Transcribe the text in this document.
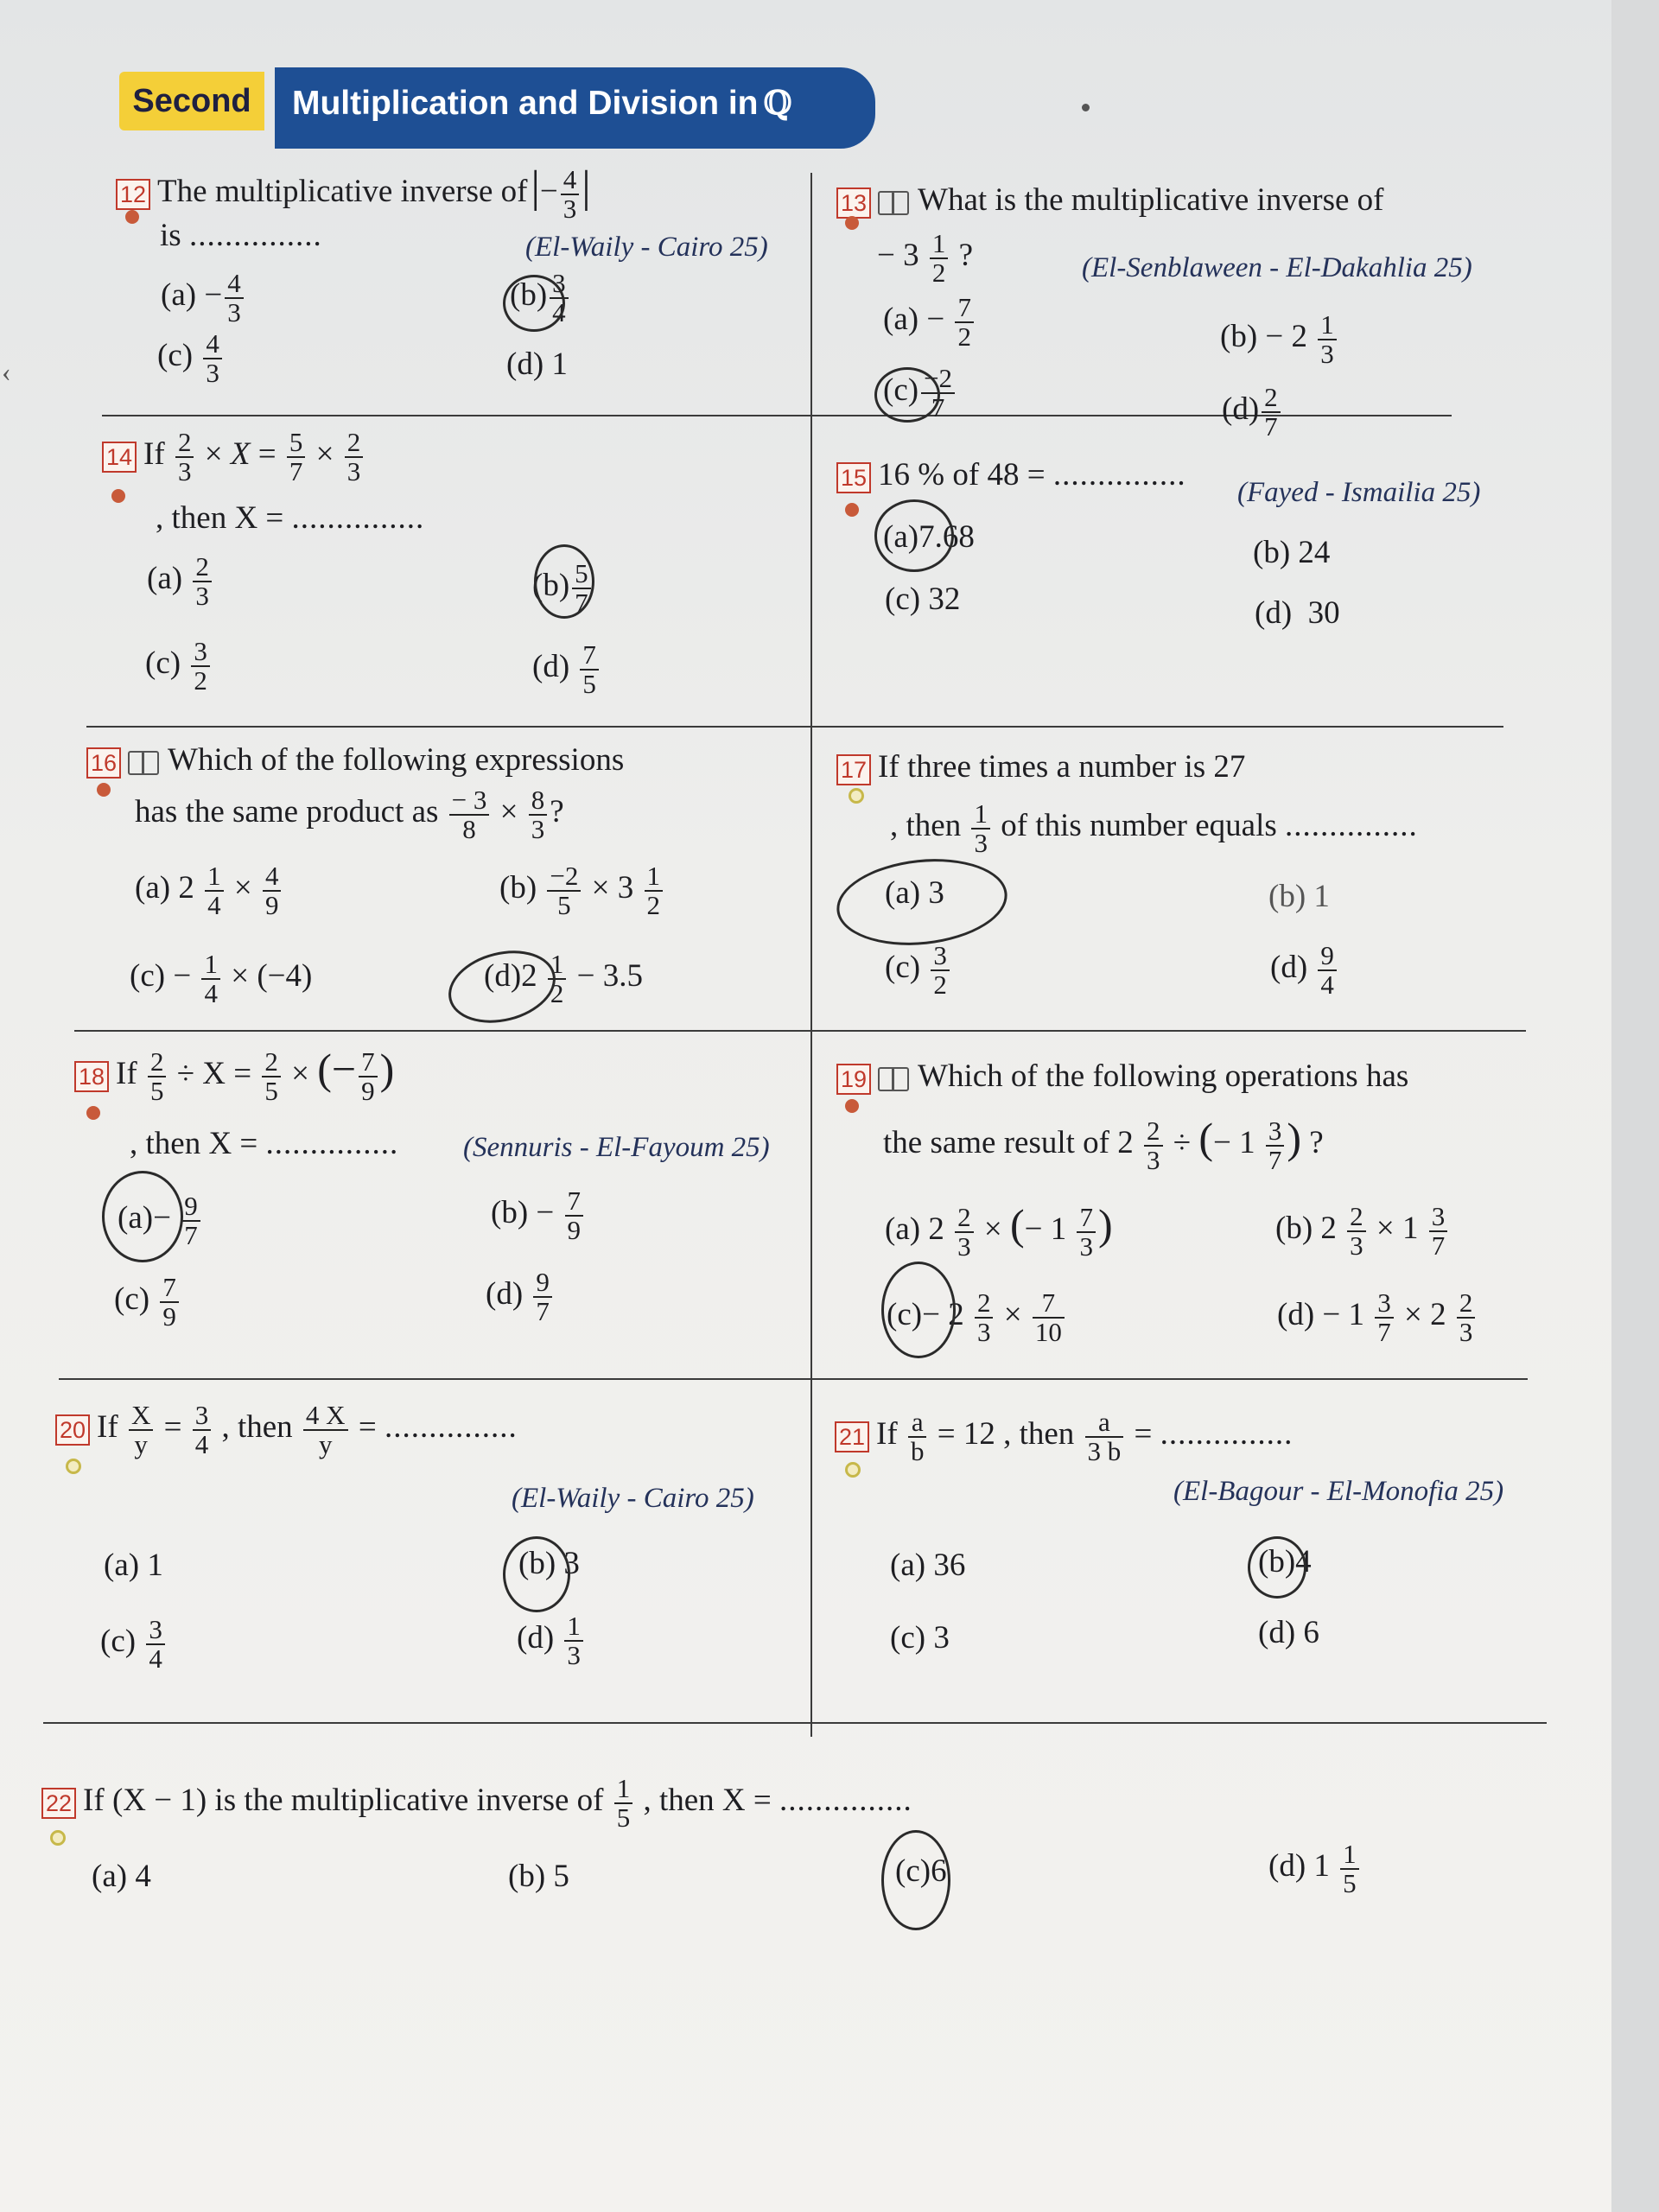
‹
Second	Multiplication and Division in ℚ
12 The multiplicative inverse $of|- \frac{4}{3}$ |
is ...............	(El-Waily - Cairo 25)
$(a) - \frac{4}{3}$	$(b) \frac{3}{4}$
$(c) \frac{4}{3}$	(d) 1
13 What is the multiplicative inverse of
− $3 \frac{1}{2}$ ?	(El-Senblaween - El-Dakahlia 25)
$(a) - \frac{7}{2}$	$(b) - 2 \frac{1}{3}$
$(c) \frac{-2}{7}$	$(d) \frac{2}{7}$
14 If $\frac{2}{3} \times X = \frac{5}{7} \times \frac{2}{3}$
, then X = ...............
$(a) \frac{2}{3}$	$(b) \frac{5}{7}$
$(c) \frac{3}{2}$	$(d) \frac{7}{5}$
15 16 % of 48 = ............... (Fayed - Ismailia 25)
(a)7.68	(b) 24
(c) 32	(d) 30
16 Which of the following expressions
has the same product as $\frac{- 3}{8} \times \frac{8}{3}$ ?
(a) $2 \frac{1}{4} \times \frac{4}{9}$	$(b) \frac{-2}{5} \times 3 \frac{1}{2}$
$(c) - \frac{1}{4} \times (-4)$	$(d)2 \frac{1}{2} - 3.5$
17 If three times a number is 27
, then $\frac{1}{3}$ of this number equals ...............
(a) 3	(b) 1
$(c) \frac{3}{2}$	$(d) \frac{9}{4}$
18 If $\frac{2}{5} \div X = \frac{2}{5}$ × (− $\frac{7}{9}$ )
, then X = ............... (Sennuris - El-Fayoum 25)
$(a)- \frac{9}{7}$	$(b) - \frac{7}{9}$
$(c) \frac{7}{9}$	$(d) \frac{9}{7}$
19 Which of the following operations has
the same result of $2 \frac{2}{3}$ ÷ (− $1 \frac{3}{7}$ ) ?
(a) $2 \frac{2}{3}$ × (− $1 \frac{7}{3}$ )	(b) $2 \frac{2}{3} \times 1 \frac{3}{7}$
$(c)- 2 \frac{2}{3} \times \frac{7}{10}$	$(d) - 1 \frac{3}{7} \times 2 \frac{2}{3}$
20 If $\frac{X}{y} = \frac{3}{4}$ , then $\frac{4 X}{y}$ = ...............
(El-Waily - Cairo 25)
(a) 1	(b) 3
$(c) \frac{3}{4}$	$(d) \frac{1}{3}$
21 If $\frac{a}{b} = 12$ , then $\frac{a}{3 b}$ = ...............
(El-Bagour - El-Monofia 25)
(a) 36	(b)4
(c) 3	(d) 6
22 If (X − 1) is the multiplicative inverse of $\frac{1}{5}$ , then X = ...............
(a) 4	(b) 5	(c)6	(d) $1 \frac{1}{5}$
